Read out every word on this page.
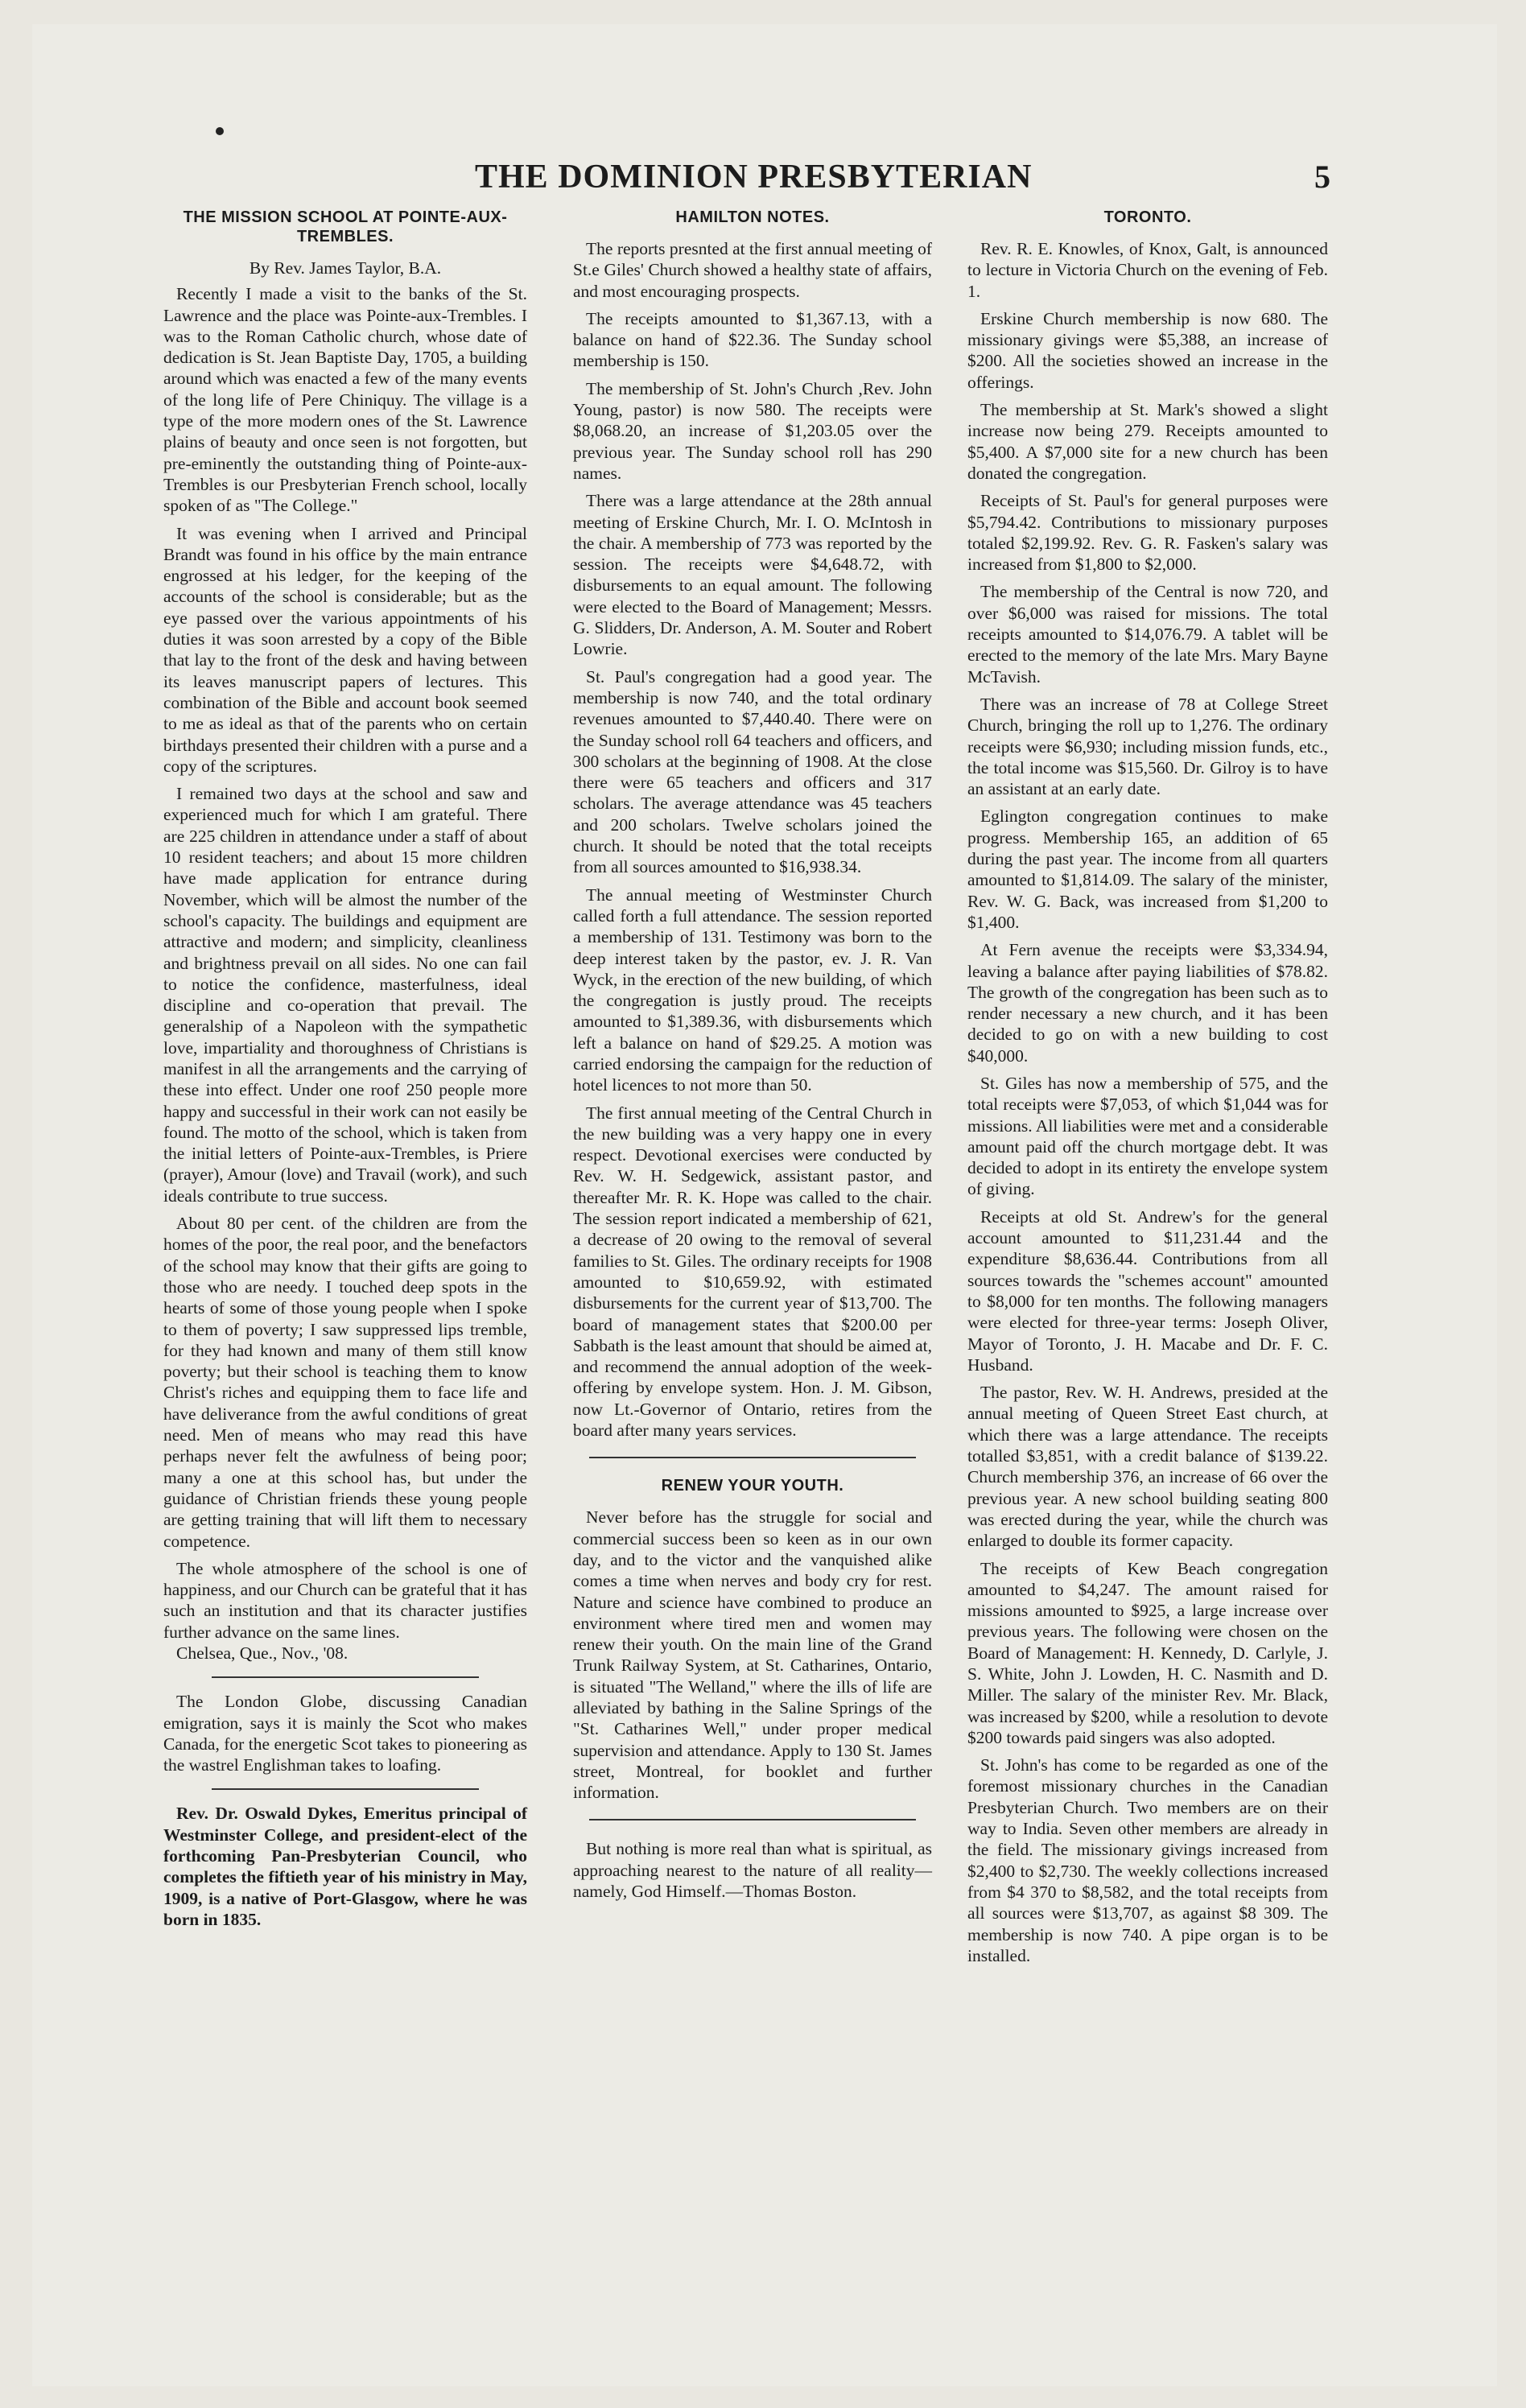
THE DOMINION PRESBYTERIAN	5
THE MISSION SCHOOL AT POINTE-AUX-TREMBLES.

By Rev. James Taylor, B.A.

Recently I made a visit to the banks of the St. Lawrence and the place was Pointe-aux-Trembles. I was to the Roman Catholic church, whose date of dedication is St. Jean Baptiste Day, 1705, a building around which was enacted a few of the many events of the long life of Pere Chiniquy. The village is a type of the more modern ones of the St. Lawrence plains of beauty and once seen is not forgotten, but pre-eminently the outstanding thing of Pointe-aux-Trembles is our Presbyterian French school, locally spoken of as "The College."

It was evening when I arrived and Principal Brandt was found in his office by the main entrance engrossed at his ledger, for the keeping of the accounts of the school is considerable; but as the eye passed over the various appointments of his duties it was soon arrested by a copy of the Bible that lay to the front of the desk and having between its leaves manuscript papers of lectures. This combination of the Bible and account book seemed to me as ideal as that of the parents who on certain birthdays presented their children with a purse and a copy of the scriptures.

I remained two days at the school and saw and experienced much for which I am grateful. There are 225 children in attendance under a staff of about 10 resident teachers; and about 15 more children have made application for entrance during November, which will be almost the number of the school's capacity. The buildings and equipment are attractive and modern; and simplicity, cleanliness and brightness prevail on all sides. No one can fail to notice the confidence, masterfulness, ideal discipline and co-operation that prevail. The generalship of a Napoleon with the sympathetic love, impartiality and thoroughness of Christians is manifest in all the arrangements and the carrying of these into effect. Under one roof 250 people more happy and successful in their work can not easily be found. The motto of the school, which is taken from the initial letters of Pointe-aux-Trembles, is Priere (prayer), Amour (love) and Travail (work), and such ideals contribute to true success.

About 80 per cent. of the children are from the homes of the poor, the real poor, and the benefactors of the school may know that their gifts are going to those who are needy. I touched deep spots in the hearts of some of those young people when I spoke to them of poverty; I saw suppressed lips tremble, for they had known and many of them still know poverty; but their school is teaching them to know Christ's riches and equipping them to face life and have deliverance from the awful conditions of great need. Men of means who may read this have perhaps never felt the awfulness of being poor; many a one at this school has, but under the guidance of Christian friends these young people are getting training that will lift them to necessary competence.

The whole atmosphere of the school is one of happiness, and our Church can be grateful that it has such an institution and that its character justifies further advance on the same lines.

Chelsea, Que., Nov., '08.

The London Globe, discussing Canadian emigration, says it is mainly the Scot who makes Canada, for the energetic Scot takes to pioneering as the wastrel Englishman takes to loafing.

Rev. Dr. Oswald Dykes, Emeritus principal of Westminster College, and president-elect of the forthcoming Pan-Presbyterian Council, who completes the fiftieth year of his ministry in May, 1909, is a native of Port-Glasgow, where he was born in 1835.

HAMILTON NOTES.

The reports presnted at the first annual meeting of St.e Giles' Church showed a healthy state of affairs, and most encouraging prospects.

The receipts amounted to $1,367.13, with a balance on hand of $22.36. The Sunday school membership is 150.

The membership of St. John's Church ,Rev. John Young, pastor) is now 580. The receipts were $8,068.20, an increase of $1,203.05 over the previous year. The Sunday school roll has 290 names.

There was a large attendance at the 28th annual meeting of Erskine Church, Mr. I. O. McIntosh in the chair. A membership of 773 was reported by the session. The receipts were $4,648.72, with disbursements to an equal amount. The following were elected to the Board of Management; Messrs. G. Slidders, Dr. Anderson, A. M. Souter and Robert Lowrie.

St. Paul's congregation had a good year. The membership is now 740, and the total ordinary revenues amounted to $7,440.40. There were on the Sunday school roll 64 teachers and officers, and 300 scholars at the beginning of 1908. At the close there were 65 teachers and officers and 317 scholars. The average attendance was 45 teachers and 200 scholars. Twelve scholars joined the church. It should be noted that the total receipts from all sources amounted to $16,938.34.

The annual meeting of Westminster Church called forth a full attendance. The session reported a membership of 131. Testimony was born to the deep interest taken by the pastor, ev. J. R. Van Wyck, in the erection of the new building, of which the congregation is justly proud. The receipts amounted to $1,389.36, with disbursements which left a balance on hand of $29.25. A motion was carried endorsing the campaign for the reduction of hotel licences to not more than 50.

The first annual meeting of the Central Church in the new building was a very happy one in every respect. Devotional exercises were conducted by Rev. W. H. Sedgewick, assistant pastor, and thereafter Mr. R. K. Hope was called to the chair. The session report indicated a membership of 621, a decrease of 20 owing to the removal of several families to St. Giles. The ordinary receipts for 1908 amounted to $10,659.92, with estimated disbursements for the current year of $13,700. The board of management states that $200.00 per Sabbath is the least amount that should be aimed at, and recommend the annual adoption of the week-offering by envelope system. Hon. J. M. Gibson, now Lt.-Governor of Ontario, retires from the board after many years services.

RENEW YOUR YOUTH.

Never before has the struggle for social and commercial success been so keen as in our own day, and to the victor and the vanquished alike comes a time when nerves and body cry for rest. Nature and science have combined to produce an environment where tired men and women may renew their youth. On the main line of the Grand Trunk Railway System, at St. Catharines, Ontario, is situated "The Welland," where the ills of life are alleviated by bathing in the Saline Springs of the "St. Catharines Well," under proper medical supervision and attendance. Apply to 130 St. James street, Montreal, for booklet and further information.

But nothing is more real than what is spiritual, as approaching nearest to the nature of all reality—namely, God Himself.—Thomas Boston.

TORONTO.

Rev. R. E. Knowles, of Knox, Galt, is announced to lecture in Victoria Church on the evening of Feb. 1.

Erskine Church membership is now 680. The missionary givings were $5,388, an increase of $200. All the societies showed an increase in the offerings.

The membership at St. Mark's showed a slight increase now being 279. Receipts amounted to $5,400. A $7,000 site for a new church has been donated the congregation.

Receipts of St. Paul's for general purposes were $5,794.42. Contributions to missionary purposes totaled $2,199.92. Rev. G. R. Fasken's salary was increased from $1,800 to $2,000.

The membership of the Central is now 720, and over $6,000 was raised for missions. The total receipts amounted to $14,076.79. A tablet will be erected to the memory of the late Mrs. Mary Bayne McTavish.

There was an increase of 78 at College Street Church, bringing the roll up to 1,276. The ordinary receipts were $6,930; including mission funds, etc., the total income was $15,560. Dr. Gilroy is to have an assistant at an early date.

Eglington congregation continues to make progress. Membership 165, an addition of 65 during the past year. The income from all quarters amounted to $1,814.09. The salary of the minister, Rev. W. G. Back, was increased from $1,200 to $1,400.

At Fern avenue the receipts were $3,334.94, leaving a balance after paying liabilities of $78.82. The growth of the congregation has been such as to render necessary a new church, and it has been decided to go on with a new building to cost $40,000.

St. Giles has now a membership of 575, and the total receipts were $7,053, of which $1,044 was for missions. All liabilities were met and a considerable amount paid off the church mortgage debt. It was decided to adopt in its entirety the envelope system of giving.

Receipts at old St. Andrew's for the general account amounted to $11,231.44 and the expenditure $8,636.44. Contributions from all sources towards the "schemes account" amounted to $8,000 for ten months. The following managers were elected for three-year terms: Joseph Oliver, Mayor of Toronto, J. H. Macabe and Dr. F. C. Husband.

The pastor, Rev. W. H. Andrews, presided at the annual meeting of Queen Street East church, at which there was a large attendance. The receipts totalled $3,851, with a credit balance of $139.22. Church membership 376, an increase of 66 over the previous year. A new school building seating 800 was erected during the year, while the church was enlarged to double its former capacity.

The receipts of Kew Beach congregation amounted to $4,247. The amount raised for missions amounted to $925, a large increase over previous years. The following were chosen on the Board of Management: H. Kennedy, D. Carlyle, J. S. White, John J. Lowden, H. C. Nasmith and D. Miller. The salary of the minister Rev. Mr. Black, was increased by $200, while a resolution to devote $200 towards paid singers was also adopted.

St. John's has come to be regarded as one of the foremost missionary churches in the Canadian Presbyterian Church. Two members are on their way to India. Seven other members are already in the field. The missionary givings increased from $2,400 to $2,730. The weekly collections increased from $4 370 to $8,582, and the total receipts from all sources were $13,707, as against $8 309. The membership is now 740. A pipe organ is to be installed.
